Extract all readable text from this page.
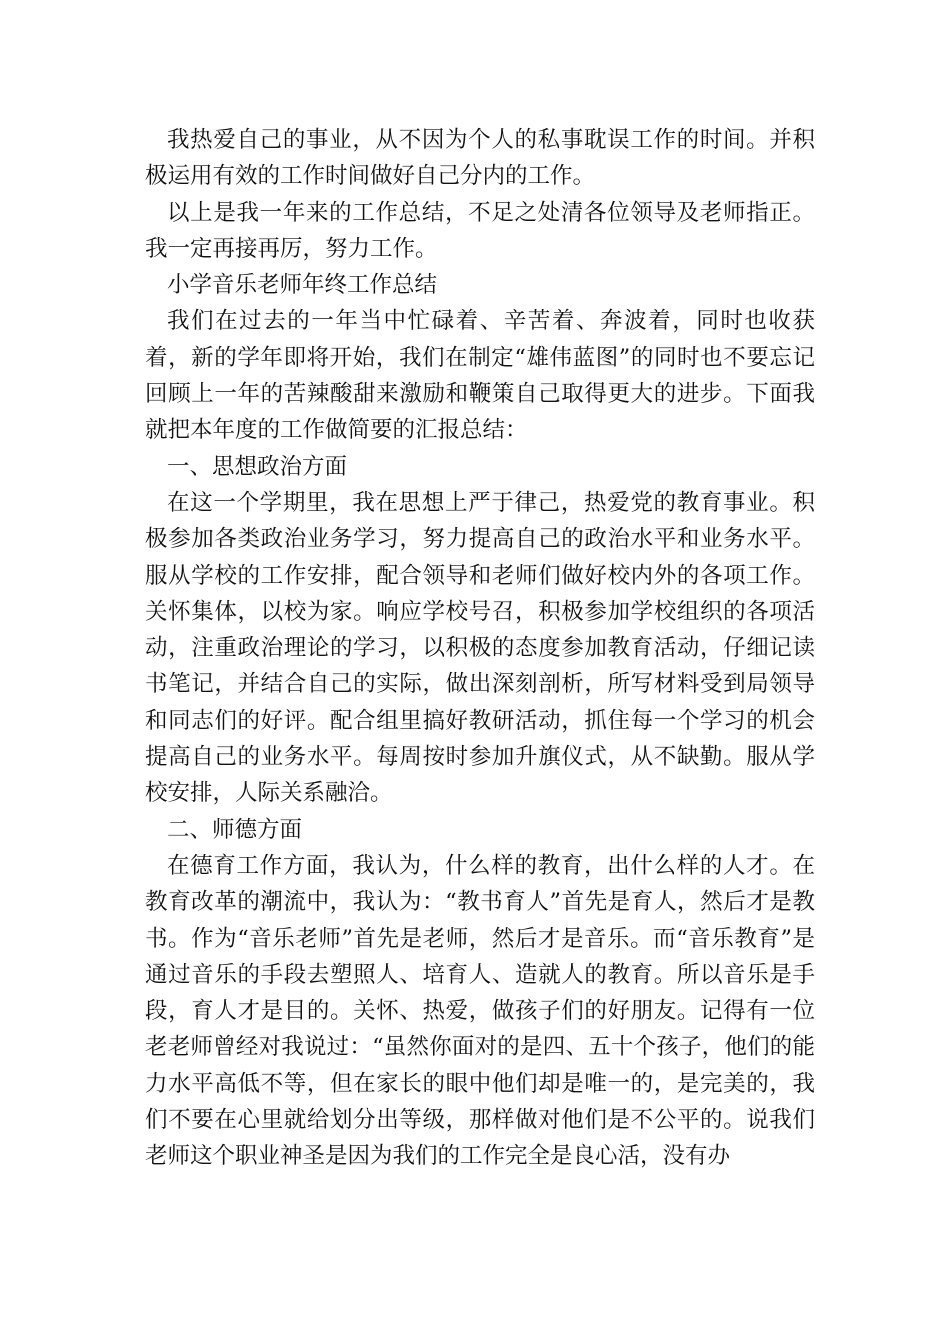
我热爱自己的事业，从不因为个人的私事耽误工作的时间。并积极运用有效的工作时间做好自己分内的工作。

以上是我一年来的工作总结，不足之处清各位领导及老师指正。我一定再接再厉，努力工作。

小学音乐老师年终工作总结

我们在过去的一年当中忙碌着、辛苦着、奔波着，同时也收获着，新的学年即将开始，我们在制定“雄伟蓝图”的同时也不要忘记回顾上一年的苦辣酸甜来激励和鞭策自己取得更大的进步。下面我就把本年度的工作做简要的汇报总结：

一、思想政治方面

在这一个学期里，我在思想上严于律己，热爱党的教育事业。积极参加各类政治业务学习，努力提高自己的政治水平和业务水平。服从学校的工作安排，配合领导和老师们做好校内外的各项工作。关怀集体，以校为家。响应学校号召，积极参加学校组织的各项活动，注重政治理论的学习，以积极的态度参加教育活动，仔细记读书笔记，并结合自己的实际，做出深刻剖析，所写材料受到局领导和同志们的好评。配合组里搞好教研活动，抓住每一个学习的机会提高自己的业务水平。每周按时参加升旗仪式，从不缺勤。服从学校安排，人际关系融洽。

二、师德方面

在德育工作方面，我认为，什么样的教育，出什么样的人才。在教育改革的潮流中，我认为：“教书育人”首先是育人，然后才是教书。作为“音乐老师”首先是老师，然后才是音乐。而“音乐教育”是通过音乐的手段去塑照人、培育人、造就人的教育。所以音乐是手段，育人才是目的。关怀、热爱，做孩子们的好朋友。记得有一位老老师曾经对我说过：“虽然你面对的是四、五十个孩子，他们的能力水平高低不等，但在家长的眼中他们却是唯一的，是完美的，我们不要在心里就给划分出等级，那样做对他们是不公平的。说我们老师这个职业神圣是因为我们的工作完全是良心活，没有办
